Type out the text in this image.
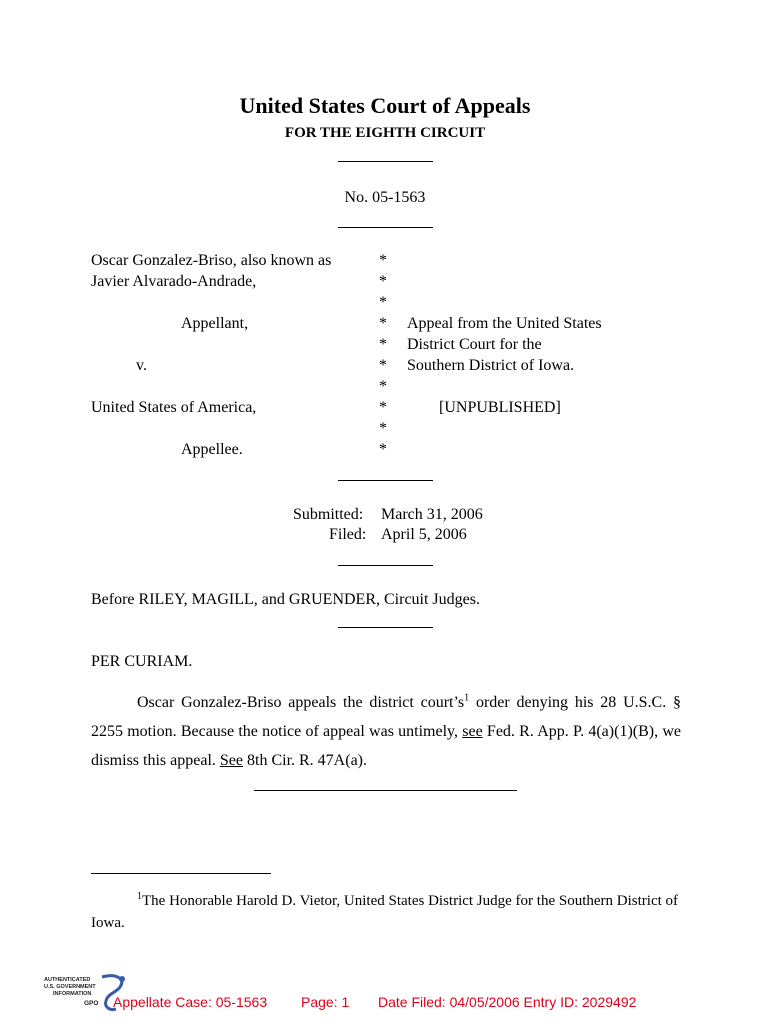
United States Court of Appeals
FOR THE EIGHTH CIRCUIT
No. 05-1563
Oscar Gonzalez-Briso, also known as
Javier Alvarado-Andrade,
Appellant,
v.
United States of America,
Appellee.
*
*
*
*
*
*
*
*
*
*
Appeal from the United States
District Court for the
Southern District of Iowa.
[UNPUBLISHED]
Submitted: March 31, 2006
Filed: April 5, 2006
Before RILEY, MAGILL, and GRUENDER, Circuit Judges.
PER CURIAM.
Oscar Gonzalez-Briso appeals the district $court’s^1$ order denying his 28 U.S.C. § 2255 motion. Because the notice of appeal was untimely, see Fed. R. App. P. 4(a)(1)(B), we dismiss this appeal. See 8th Cir. R. 47A(a).
$^1$The Honorable Harold D. Vietor, United States District Judge for the Southern District of Iowa.
AUTHENTICATED
U.S. GOVERNMENT
INFORMATION
GPO Appellate Case: 05-1563 Page: 1 Date Filed: 04/05/2006 Entry ID: 2029492
